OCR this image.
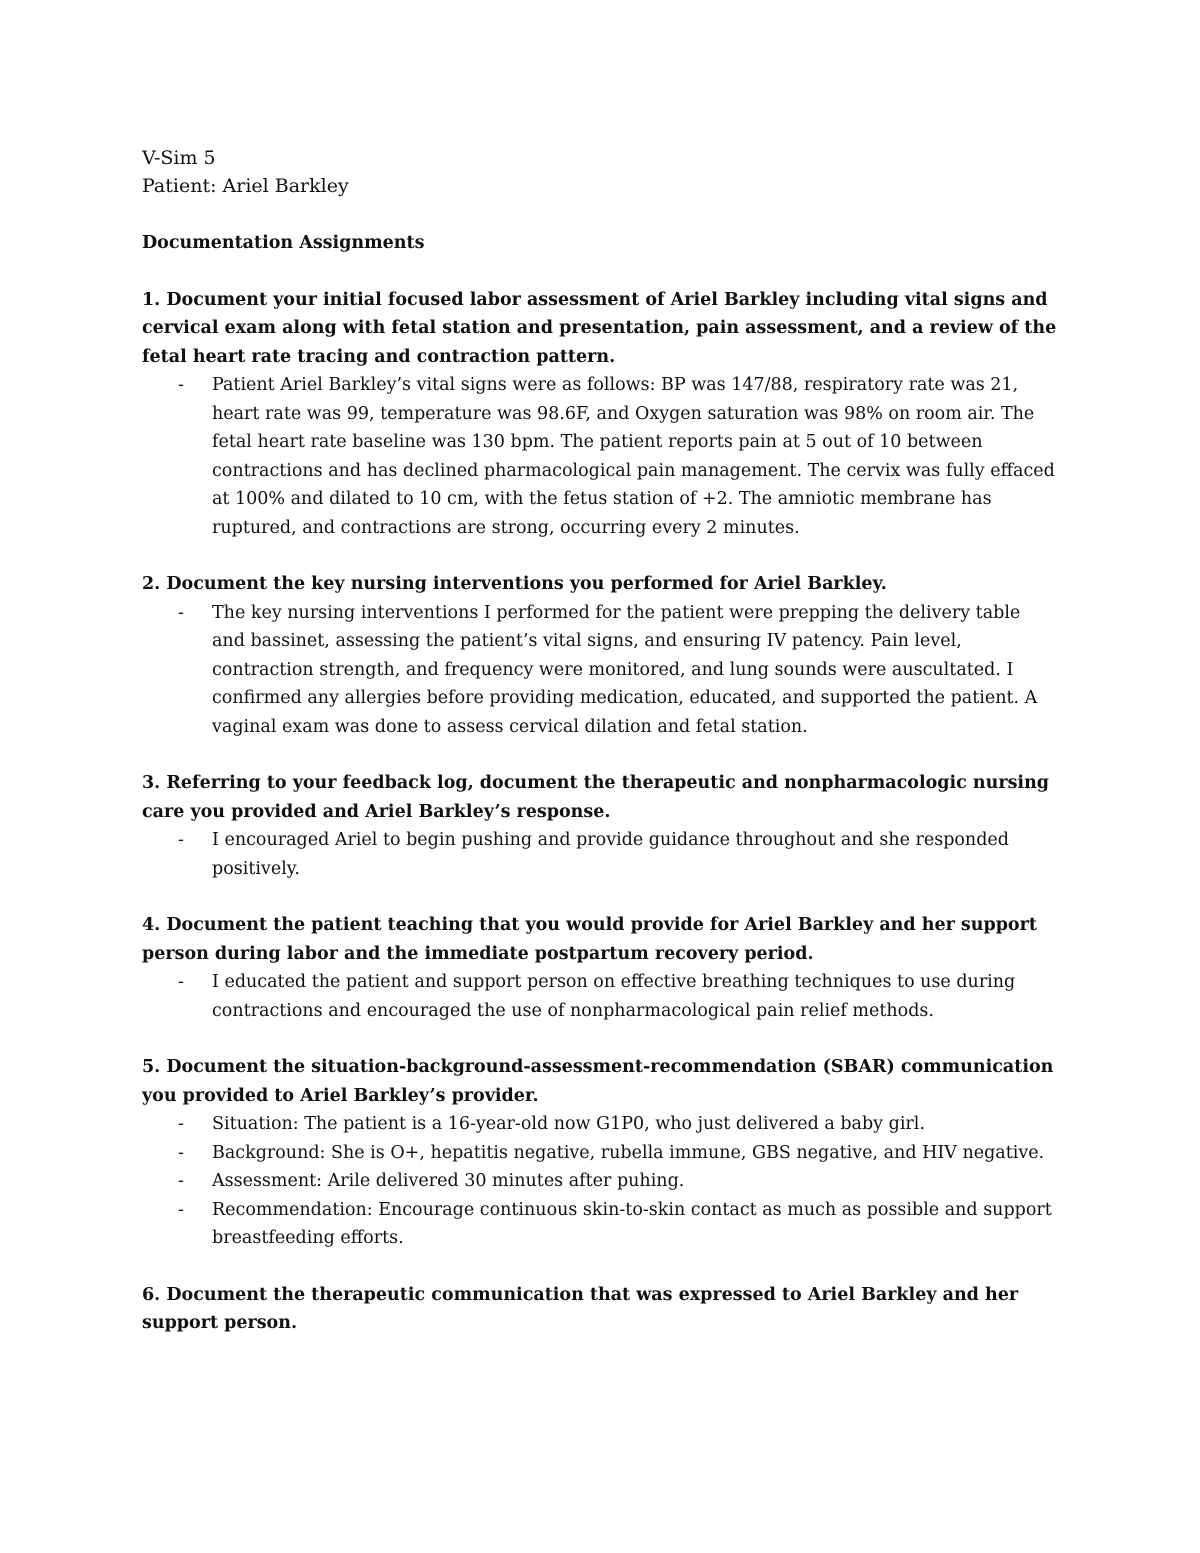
V-Sim 5

Patient: Ariel Barkley

Documentation Assignments

1. Document your initial focused labor assessment of Ariel Barkley including vital signs and cervical exam along with fetal station and presentation, pain assessment, and a review of the fetal heart rate tracing and contraction pattern.

- Patient Ariel Barkley’s vital signs were as follows: BP was 147/88, respiratory rate was 21, heart rate was 99, temperature was 98.6F, and Oxygen saturation was 98% on room air. The fetal heart rate baseline was 130 bpm. The patient reports pain at 5 out of 10 between contractions and has declined pharmacological pain management. The cervix was fully effaced at 100% and dilated to 10 cm, with the fetus station of +2. The amniotic membrane has ruptured, and contractions are strong, occurring every 2 minutes.

2. Document the key nursing interventions you performed for Ariel Barkley.

- The key nursing interventions I performed for the patient were prepping the delivery table and bassinet, assessing the patient’s vital signs, and ensuring IV patency. Pain level, contraction strength, and frequency were monitored, and lung sounds were auscultated. I confirmed any allergies before providing medication, educated, and supported the patient. A vaginal exam was done to assess cervical dilation and fetal station.

3. Referring to your feedback log, document the therapeutic and nonpharmacologic nursing care you provided and Ariel Barkley’s response.

- I encouraged Ariel to begin pushing and provide guidance throughout and she responded positively.

4. Document the patient teaching that you would provide for Ariel Barkley and her support person during labor and the immediate postpartum recovery period.

- I educated the patient and support person on effective breathing techniques to use during contractions and encouraged the use of nonpharmacological pain relief methods.

5. Document the situation-background-assessment-recommendation (SBAR) communication you provided to Ariel Barkley’s provider.

- Situation: The patient is a 16-year-old now G1P0, who just delivered a baby girl.
- Background: She is O+, hepatitis negative, rubella immune, GBS negative, and HIV negative.
- Assessment: Arile delivered 30 minutes after puhing.
- Recommendation: Encourage continuous skin-to-skin contact as much as possible and support breastfeeding efforts.

6. Document the therapeutic communication that was expressed to Ariel Barkley and her support person.
